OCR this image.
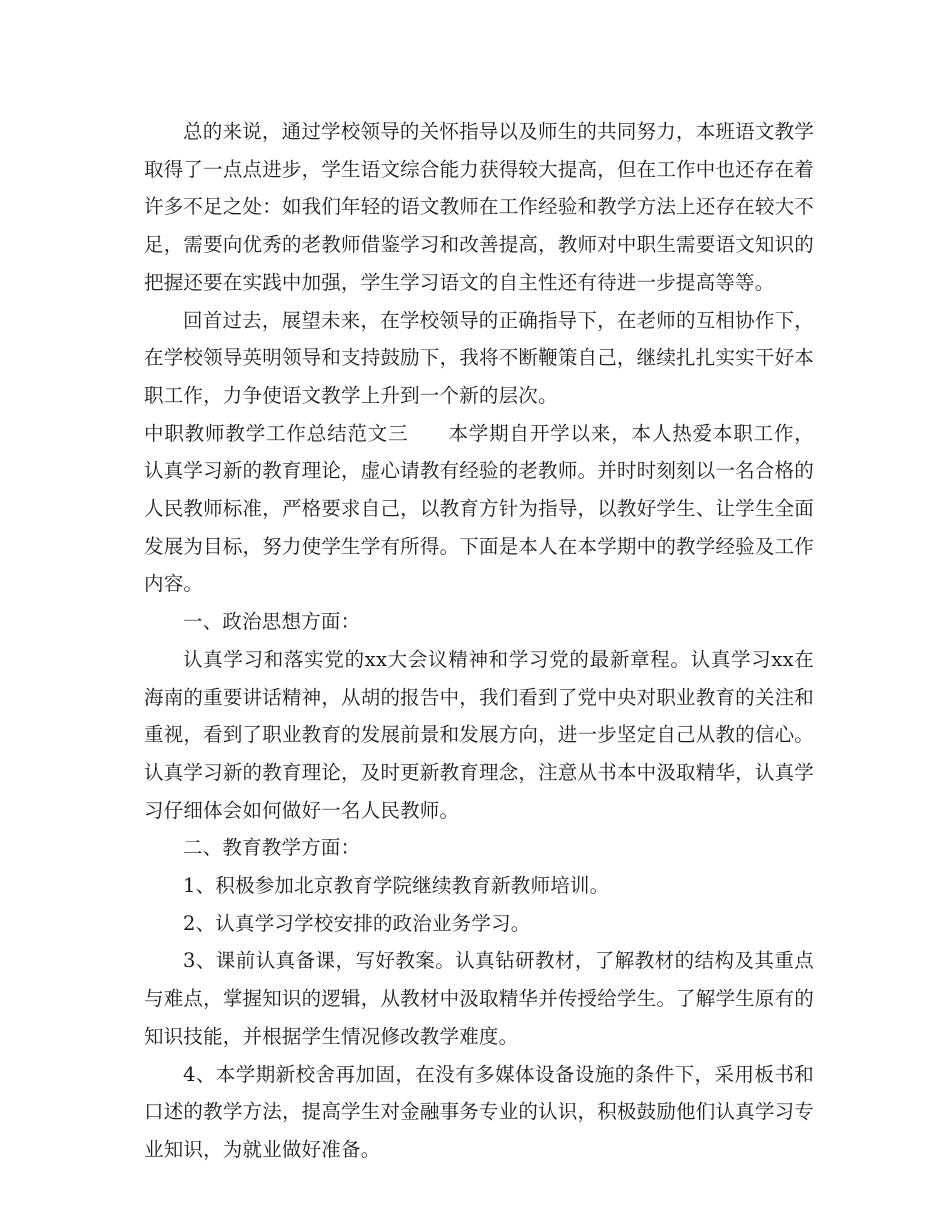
总的来说，通过学校领导的关怀指导以及师生的共同努力，本班语文教学取得了一点点进步，学生语文综合能力获得较大提高，但在工作中也还存在着许多不足之处：如我们年轻的语文教师在工作经验和教学方法上还存在较大不足，需要向优秀的老教师借鉴学习和改善提高，教师对中职生需要语文知识的把握还要在实践中加强，学生学习语文的自主性还有待进一步提高等等。

回首过去，展望未来，在学校领导的正确指导下，在老师的互相协作下，在学校领导英明领导和支持鼓励下，我将不断鞭策自己，继续扎扎实实干好本职工作，力争使语文教学上升到一个新的层次。

中职教师教学工作总结范文三 本学期自开学以来，本人热爱本职工作，认真学习新的教育理论，虚心请教有经验的老教师。并时时刻刻以一名合格的人民教师标准，严格要求自己，以教育方针为指导，以教好学生、让学生全面发展为目标，努力使学生学有所得。下面是本人在本学期中的教学经验及工作内容。

一、政治思想方面：

认真学习和落实党的xx大会议精神和学习党的最新章程。认真学习xx在海南的重要讲话精神，从胡的报告中，我们看到了党中央对职业教育的关注和重视，看到了职业教育的发展前景和发展方向，进一步坚定自己从教的信心。认真学习新的教育理论，及时更新教育理念，注意从书本中汲取精华，认真学习仔细体会如何做好一名人民教师。

二、教育教学方面：

1、积极参加北京教育学院继续教育新教师培训。

2、认真学习学校安排的政治业务学习。

3、课前认真备课，写好教案。认真钻研教材，了解教材的结构及其重点与难点，掌握知识的逻辑，从教材中汲取精华并传授给学生。了解学生原有的知识技能，并根据学生情况修改教学难度。

4、本学期新校舍再加固，在没有多媒体设备设施的条件下，采用板书和口述的教学方法，提高学生对金融事务专业的认识，积极鼓励他们认真学习专业知识，为就业做好准备。
